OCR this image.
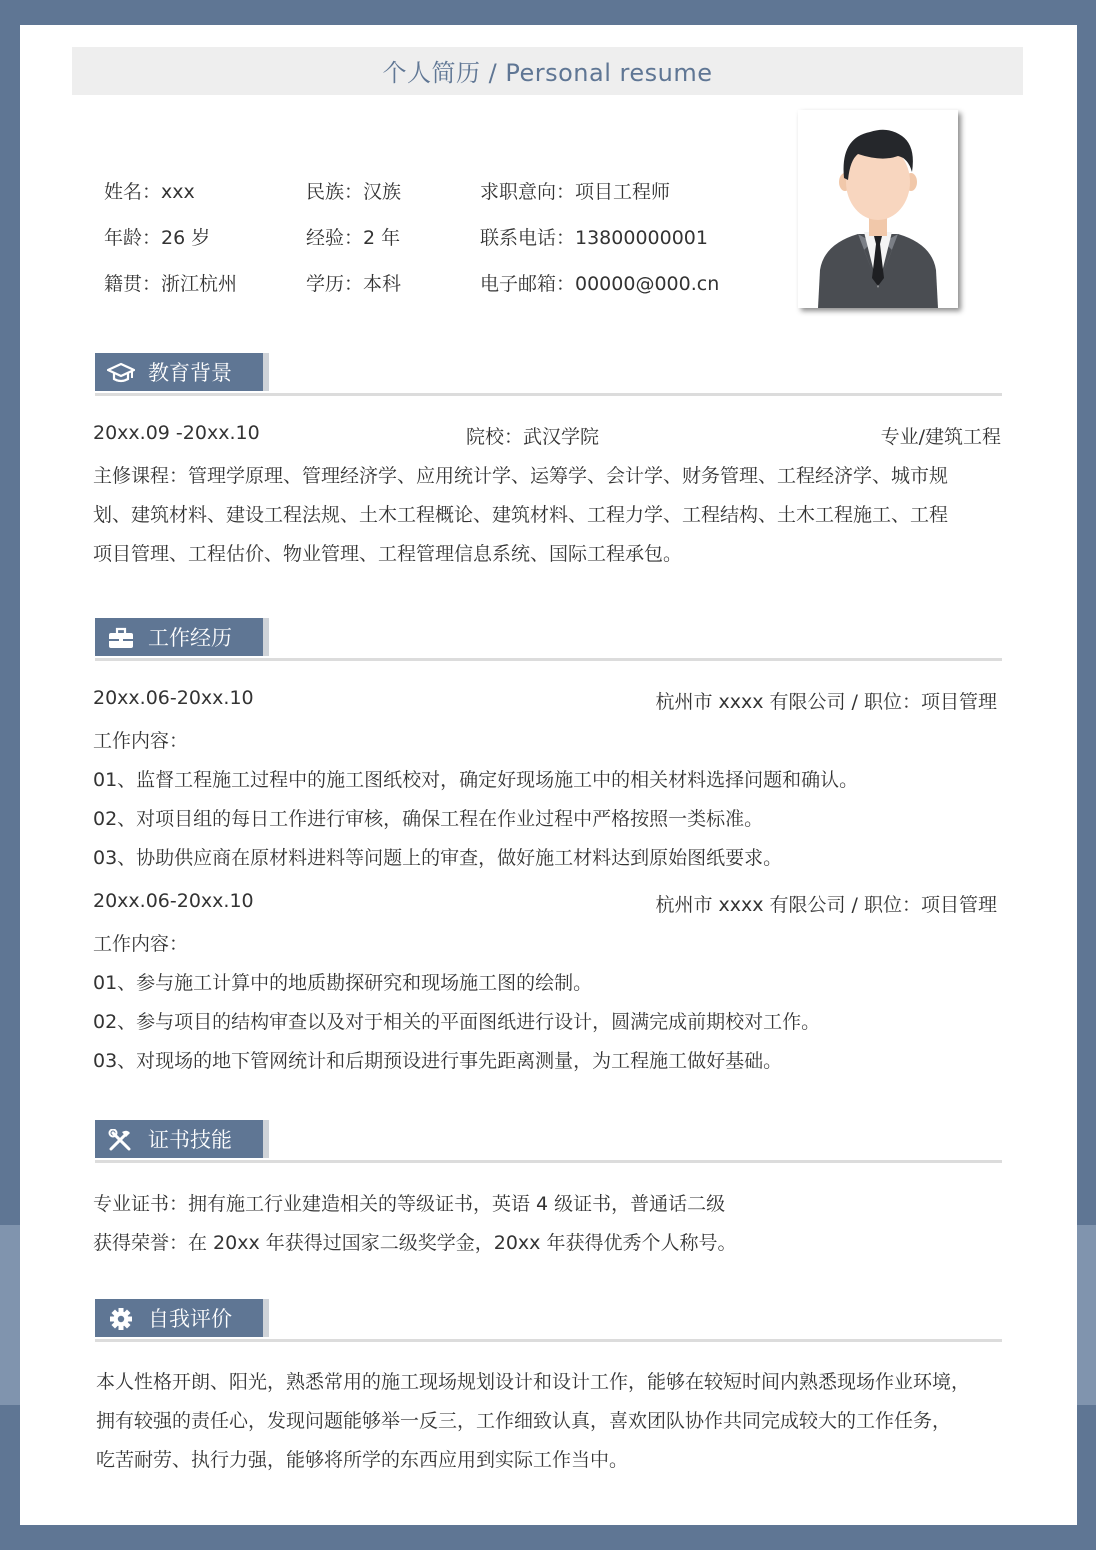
个人简历 / Personal resume
姓名：xxx	民族：汉族	求职意向：项目工程师
年龄：26 岁	经验：2 年	联系电话：13800000001
籍贯：浙江杭州	学历：本科	电子邮箱：00000@000.cn
教育背景
20xx.09 -20xx.10	院校：武汉学院	专业/建筑工程
主修课程：管理学原理、管理经济学、应用统计学、运筹学、会计学、财务管理、工程经济学、城市规
划、建筑材料、建设工程法规、土木工程概论、建筑材料、工程力学、工程结构、土木工程施工、工程
项目管理、工程估价、物业管理、工程管理信息系统、国际工程承包。
工作经历
20xx.06-20xx.10	杭州市 xxxx 有限公司 / 职位：项目管理
工作内容：
01、监督工程施工过程中的施工图纸校对，确定好现场施工中的相关材料选择问题和确认。
02、对项目组的每日工作进行审核，确保工程在作业过程中严格按照一类标准。
03、协助供应商在原材料进料等问题上的审查，做好施工材料达到原始图纸要求。
20xx.06-20xx.10	杭州市 xxxx 有限公司 / 职位：项目管理
工作内容：
01、参与施工计算中的地质勘探研究和现场施工图的绘制。
02、参与项目的结构审查以及对于相关的平面图纸进行设计，圆满完成前期校对工作。
03、对现场的地下管网统计和后期预设进行事先距离测量，为工程施工做好基础。
证书技能
专业证书：拥有施工行业建造相关的等级证书，英语 4 级证书，普通话二级
获得荣誉：在 20xx 年获得过国家二级奖学金，20xx 年获得优秀个人称号。
自我评价
本人性格开朗、阳光，熟悉常用的施工现场规划设计和设计工作，能够在较短时间内熟悉现场作业环境，
拥有较强的责任心，发现问题能够举一反三，工作细致认真，喜欢团队协作共同完成较大的工作任务，
吃苦耐劳、执行力强，能够将所学的东西应用到实际工作当中。
